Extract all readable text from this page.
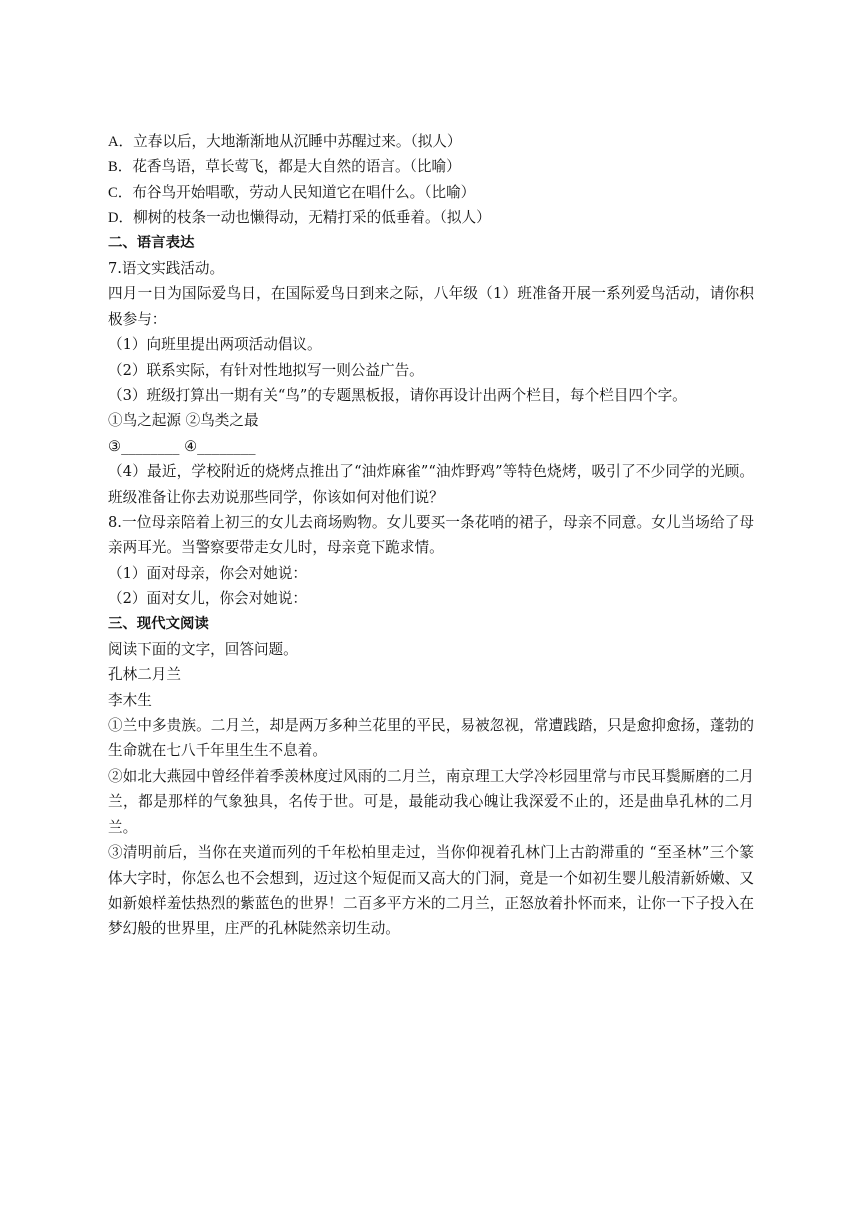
A．立春以后，大地渐渐地从沉睡中苏醒过来。（拟人）
B．花香鸟语，草长莺飞，都是大自然的语言。（比喻）
C．布谷鸟开始唱歌，劳动人民知道它在唱什么。（比喻）
D．柳树的枝条一动也懒得动，无精打采的低垂着。（拟人）
二、语言表达
7.语文实践活动。

四月一日为国际爱鸟日，在国际爱鸟日到来之际，八年级（1）班准备开展一系列爱鸟活动，请你积极参与：

（1）向班里提出两项活动倡议。
（2）联系实际，有针对性地拟写一则公益广告。
（3）班级打算出一期有关“鸟”的专题黑板报，请你再设计出两个栏目，每个栏目四个字。
①鸟之起源 ②鸟类之最
③________ ④________

（4）最近，学校附近的烧烤点推出了“油炸麻雀”“油炸野鸡”等特色烧烤，吸引了不少同学的光顾。班级准备让你去劝说那些同学，你该如何对他们说？

8.一位母亲陪着上初三的女儿去商场购物。女儿要买一条花哨的裙子，母亲不同意。女儿当场给了母亲两耳光。当警察要带走女儿时，母亲竟下跪求情。

（1）面对母亲，你会对她说：
（2）面对女儿，你会对她说：
三、现代文阅读
阅读下面的文字，回答问题。
孔林二月兰
李木生

①兰中多贵族。二月兰，却是两万多种兰花里的平民，易被忽视，常遭践踏，只是愈抑愈扬，蓬勃的生命就在七八千年里生生不息着。

②如北大燕园中曾经伴着季羡林度过风雨的二月兰，南京理工大学冷杉园里常与市民耳鬓厮磨的二月兰，都是那样的气象独具，名传于世。可是，最能动我心魄让我深爱不止的，还是曲阜孔林的二月兰。

③清明前后，当你在夹道而列的千年松柏里走过，当你仰视着孔林门上古韵滞重的 “至圣林”三个篆体大字时，你怎么也不会想到，迈过这个短促而又高大的门洞，竟是一个如初生婴儿般清新娇嫩、又如新娘样羞怯热烈的紫蓝色的世界！二百多平方米的二月兰，正怒放着扑怀而来，让你一下子投入在梦幻般的世界里，庄严的孔林陡然亲切生动。
